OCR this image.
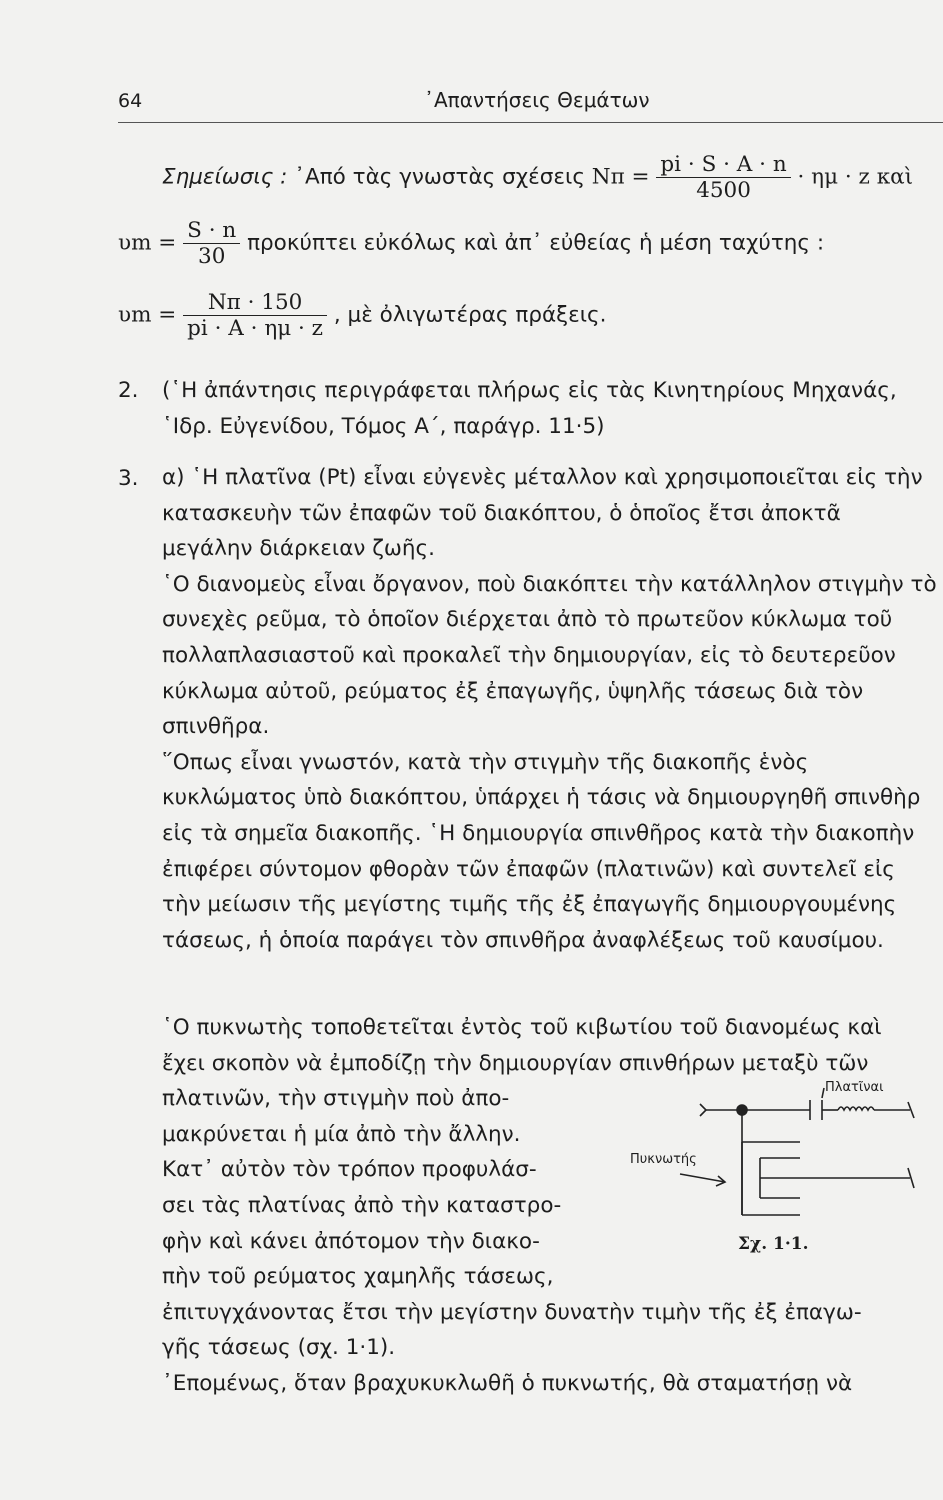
64	᾿Απαντήσεις Θεμάτων
Σημείωσις : ᾿Από τὰς γνωστὰς σχέσεις $N\pi = \frac{pi \cdot S \cdot A \cdot n}{4500} \cdot \eta\mu \cdot z$ καὶ
$\upsilon m = \frac{S \cdot n}{30}$ προκύπτει εὐκόλως καὶ ἀπ᾿ εὐθείας ἡ μέση ταχύτης :
$\upsilon m = \frac{N\pi \cdot 150}{pi \cdot A \cdot \eta\mu \cdot z}$ , μὲ ὀλιγωτέρας πράξεις.
2. (῾Η ἀπάντησις περιγράφεται πλήρως εἰς τὰς Κινητηρίους Μηχανάς, ῾Ιδρ. Εὐγενίδου, Τόμος Α΄, παράγρ. 11·5)

3. α) ῾Η πλατῖνα (Pt) εἶναι εὐγενὲς μέταλλον καὶ χρησιμοποιεῖται εἰς τὴν κατασκευὴν τῶν ἐπαφῶν τοῦ διακόπτου, ὁ ὁποῖος ἔτσι ἀποκτᾶ μεγάλην διάρκειαν ζωῆς.

῾Ο διανομεὺς εἶναι ὄργανον, ποὺ διακόπτει τὴν κατάλληλον στιγμὴν τὸ συνεχὲς ρεῦμα, τὸ ὁποῖον διέρχεται ἀπὸ τὸ πρωτεῦον κύκλωμα τοῦ πολλαπλασιαστοῦ καὶ προκαλεῖ τὴν δημιουργίαν, εἰς τὸ δευτερεῦον κύκλωμα αὐτοῦ, ρεύματος ἐξ ἐπαγωγῆς, ὑψηλῆς τάσεως διὰ τὸν σπινθῆρα.

῞Οπως εἶναι γνωστόν, κατὰ τὴν στιγμὴν τῆς διακοπῆς ἑνὸς κυκλώματος ὑπὸ διακόπτου, ὑπάρχει ἡ τάσις νὰ δημιουργηθῆ σπινθὴρ εἰς τὰ σημεῖα διακοπῆς. ῾Η δημιουργία σπινθῆρος κατὰ τὴν διακοπὴν ἐπιφέρει σύντομον φθορὰν τῶν ἐπαφῶν (πλατινῶν) καὶ συντελεῖ εἰς τὴν μείωσιν τῆς μεγίστης τιμῆς τῆς ἐξ ἐπαγωγῆς δημιουργουμένης τάσεως, ἡ ὁποία παράγει τὸν σπινθῆρα ἀναφλέξεως τοῦ καυσίμου.

῾Ο πυκνωτὴς τοποθετεῖται ἐντὸς τοῦ κιβωτίου τοῦ διανομέως καὶ

ἔχει σκοπὸν νὰ ἐμποδίζῃ τὴν δημιουργίαν σπινθήρων μεταξὺ τῶν

πλατινῶν, τὴν στιγμὴν ποὺ ἀπο-

μακρύνεται ἡ μία ἀπὸ τὴν ἄλλην.

Κατ᾿ αὐτὸν τὸν τρόπον προφυλάσ-

σει τὰς πλατίνας ἀπὸ τὴν καταστρο-

φὴν καὶ κάνει ἀπότομον τὴν διακο-

πὴν τοῦ ρεύματος χαμηλῆς τάσεως,

ἐπιτυγχάνοντας ἔτσι τὴν μεγίστην δυνατὴν τιμὴν τῆς ἐξ ἐπαγω-

γῆς τάσεως (σχ. 1·1).

᾿Επομένως, ὅταν βραχυκυκλωθῆ ὁ πυκνωτής, θὰ σταματήσῃ νὰ

Πλατῖναι
Πυκνωτής
Σχ. 1·1.
